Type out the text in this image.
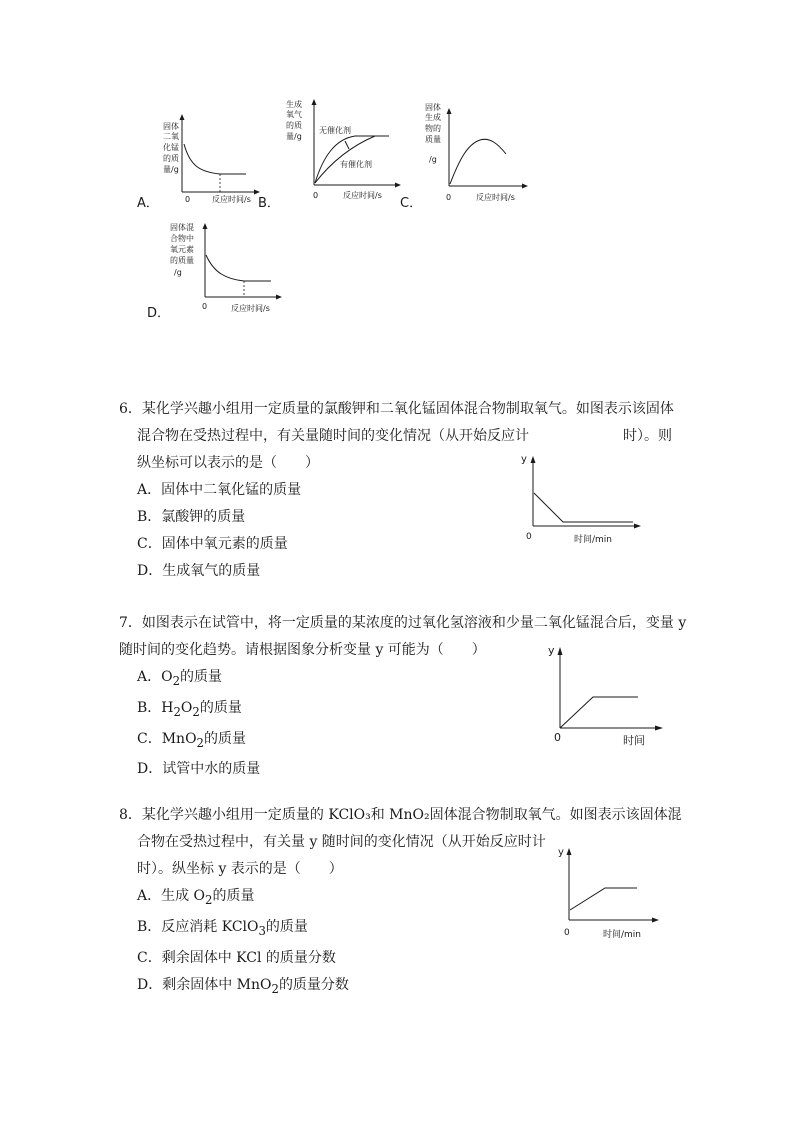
A．
固体
二氧
化锰
的质
量/g
0	反应时间/s B．
生成
氧气
的质
量/g
无催化剂
有催化剂
0	反应时间/s
C．
固体
生成
物的
质量
/g
0	反应时间/s
D．
固体混
合物中
氧元素
的质量
/g
0	反应时间/s

6．某化学兴趣小组用一定质量的氯酸钾和二氧化锰固体混合物制取氧气。如图表示该固体

混合物在受热过程中，有关量随时间的变化情况（从开始反应计	时）。则

纵坐标可以表示的是（　　）

A．固体中二氧化锰的质量

B．氯酸钾的质量

C．固体中氧元素的质量

D．生成氧气的质量

y
0	时间/min

7．如图表示在试管中，将一定质量的某浓度的过氧化氢溶液和少量二氧化锰混合后，变量 y

随时间的变化趋势。请根据图象分析变量 y 可能为（　　）

A．$O_2$的质量

B．$H_2O_2$的质量

C．MnO$_2$的质量

D．试管中水的质量

y
0	时间

8．某化学兴趣小组用一定质量的 KClO₃和 MnO₂固体混合物制取氧气。如图表示该固体混

合物在受热过程中，有关量 y 随时间的变化情况（从开始反应时计

时）。纵坐标 y 表示的是（　　）

A．生成 $O_2$的质量

B．反应消耗 KClO$_3$的质量

C．剩余固体中 KCl 的质量分数

D．剩余固体中 MnO$_2$的质量分数

y
0	时间/min
